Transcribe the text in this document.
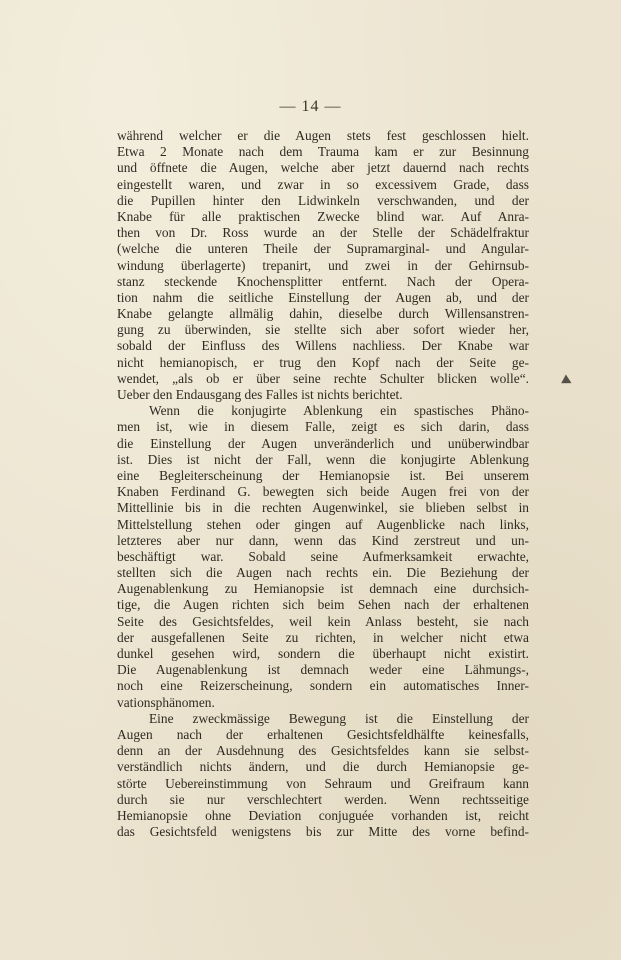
— 14 —
während welcher er die Augen stets fest geschlossen hielt.
Etwa 2 Monate nach dem Trauma kam er zur Besinnung
und öffnete die Augen, welche aber jetzt dauernd nach rechts
eingestellt waren, und zwar in so excessivem Grade, dass
die Pupillen hinter den Lidwinkeln verschwanden, und der
Knabe für alle praktischen Zwecke blind war. Auf Anra-
then von Dr. Ross wurde an der Stelle der Schädelfraktur
(welche die unteren Theile der Supramarginal- und Angular-
windung überlagerte) trepanirt, und zwei in der Gehirnsub-
stanz steckende Knochensplitter entfernt. Nach der Opera-
tion nahm die seitliche Einstellung der Augen ab, und der
Knabe gelangte allmälig dahin, dieselbe durch Willensanstren-
gung zu überwinden, sie stellte sich aber sofort wieder her,
sobald der Einfluss des Willens nachliess. Der Knabe war
nicht hemianopisch, er trug den Kopf nach der Seite ge-
wendet, „als ob er über seine rechte Schulter blicken wolle“.
Ueber den Endausgang des Falles ist nichts berichtet.
Wenn die konjugirte Ablenkung ein spastisches Phäno-
men ist, wie in diesem Falle, zeigt es sich darin, dass
die Einstellung der Augen unveränderlich und unüberwindbar
ist. Dies ist nicht der Fall, wenn die konjugirte Ablenkung
eine Begleiterscheinung der Hemianopsie ist. Bei unserem
Knaben Ferdinand G. bewegten sich beide Augen frei von der
Mittellinie bis in die rechten Augenwinkel, sie blieben selbst in
Mittelstellung stehen oder gingen auf Augenblicke nach links,
letzteres aber nur dann, wenn das Kind zerstreut und un-
beschäftigt war. Sobald seine Aufmerksamkeit erwachte,
stellten sich die Augen nach rechts ein. Die Beziehung der
Augenablenkung zu Hemianopsie ist demnach eine durchsich-
tige, die Augen richten sich beim Sehen nach der erhaltenen
Seite des Gesichtsfeldes, weil kein Anlass besteht, sie nach
der ausgefallenen Seite zu richten, in welcher nicht etwa
dunkel gesehen wird, sondern die überhaupt nicht existirt.
Die Augenablenkung ist demnach weder eine Lähmungs-,
noch eine Reizerscheinung, sondern ein automatisches Inner-
vationsphänomen.
Eine zweckmässige Bewegung ist die Einstellung der
Augen nach der erhaltenen Gesichtsfeldhälfte keinesfalls,
denn an der Ausdehnung des Gesichtsfeldes kann sie selbst-
verständlich nichts ändern, und die durch Hemianopsie ge-
störte Uebereinstimmung von Sehraum und Greifraum kann
durch sie nur verschlechtert werden. Wenn rechtsseitige
Hemianopsie ohne Deviation conjuguée vorhanden ist, reicht
das Gesichtsfeld wenigstens bis zur Mitte des vorne befind-
